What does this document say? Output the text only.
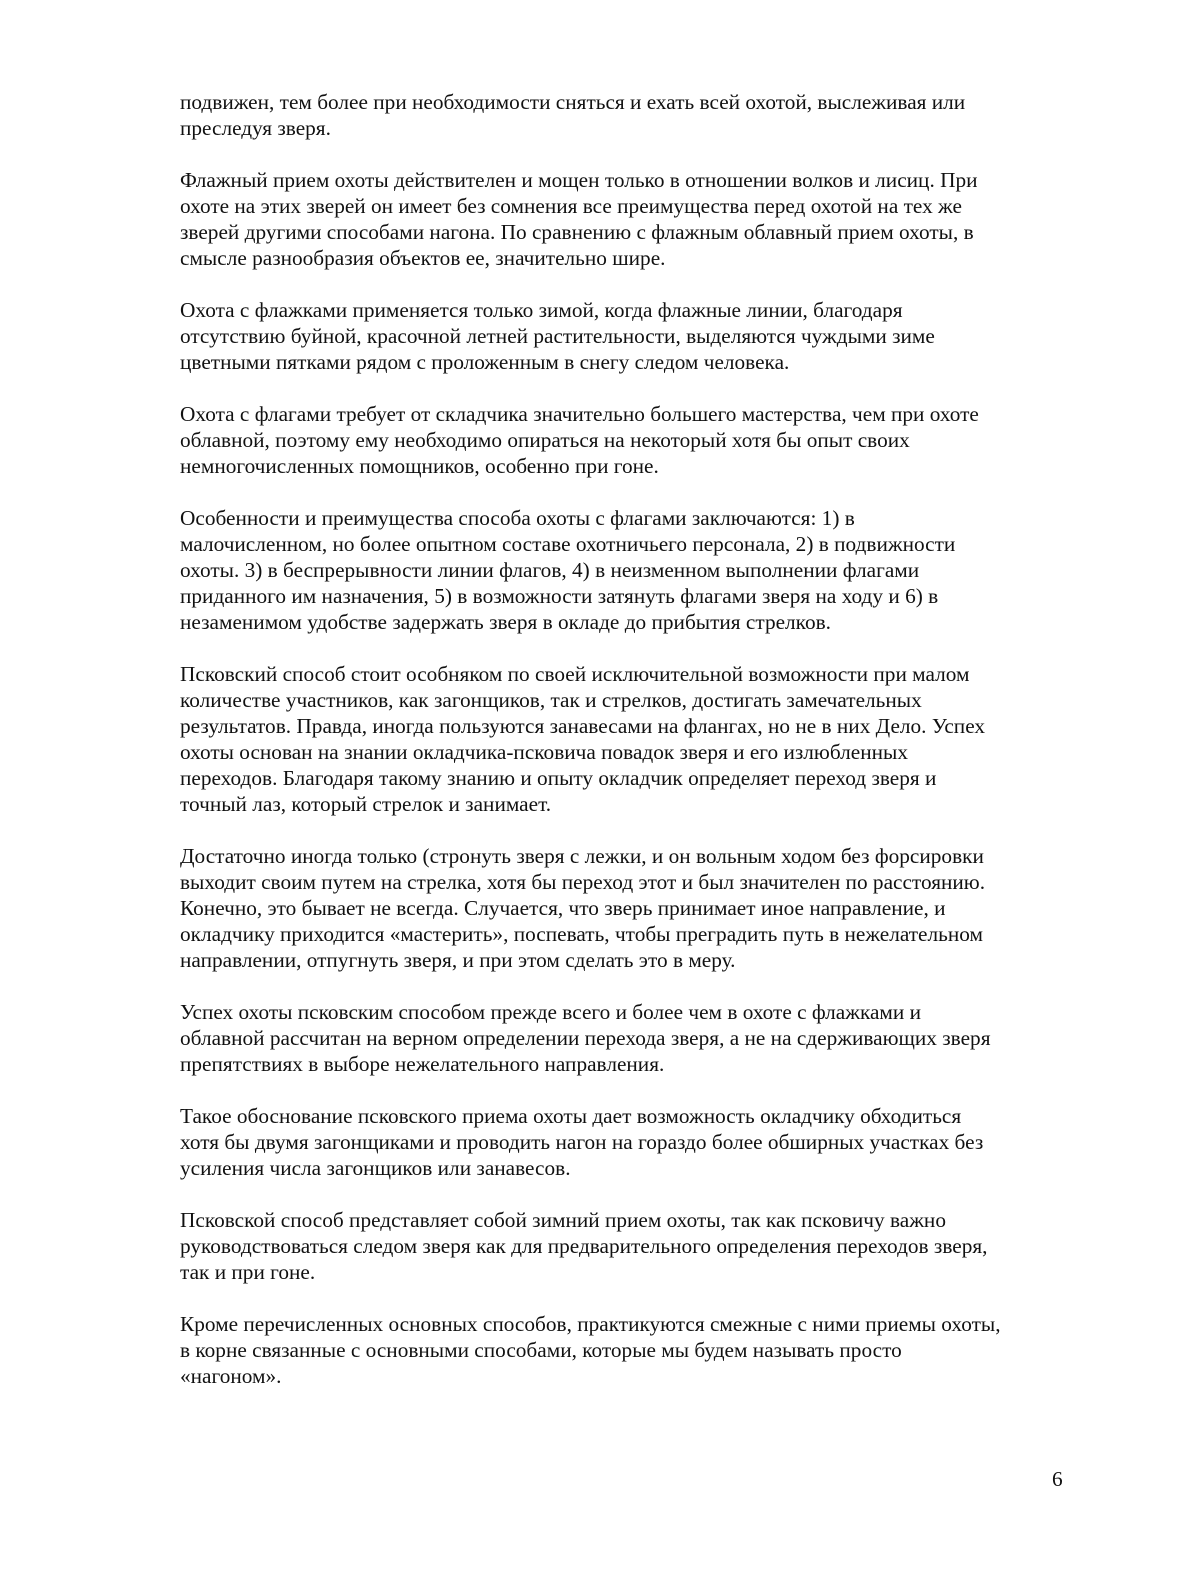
подвижен, тем более при необходимости сняться и ехать всей охотой, выслеживая или
преследуя зверя.
Флажный прием охоты действителен и мощен только в отношении волков и лисиц. При
охоте на этих зверей он имеет без сомнения все преимущества перед охотой на тех же
зверей другими способами нагона. По сравнению с флажным облавный прием охоты, в
смысле разнообразия объектов ее, значительно шире.
Охота с флажками применяется только зимой, когда флажные линии, благодаря
отсутствию буйной, красочной летней растительности, выделяются чуждыми зиме
цветными пятками рядом с проложенным в снегу следом человека.
Охота с флагами требует от складчика значительно большего мастерства, чем при охоте
облавной, поэтому ему необходимо опираться на некоторый хотя бы опыт своих
немногочисленных помощников, особенно при гоне.
Особенности и преимущества способа охоты с флагами заключаются: 1) в
малочисленном, но более опытном составе охотничьего персонала, 2) в подвижности
охоты. 3) в беспрерывности линии флагов, 4) в неизменном выполнении флагами
приданного им назначения, 5) в возможности затянуть флагами зверя на ходу и 6) в
незаменимом удобстве задержать зверя в окладе до прибытия стрелков.
Псковский способ стоит особняком по своей исключительной возможности при малом
количестве участников, как загонщиков, так и стрелков, достигать замечательных
результатов. Правда, иногда пользуются занавесами на флангах, но не в них Дело. Успех
охоты основан на знании окладчика-псковича повадок зверя и его излюбленных
переходов. Благодаря такому знанию и опыту окладчик определяет переход зверя и
точный лаз, который стрелок и занимает.
Достаточно иногда только (стронуть зверя с лежки, и он вольным ходом без форсировки
выходит своим путем на стрелка, хотя бы переход этот и был значителен по расстоянию.
Конечно, это бывает не всегда. Случается, что зверь принимает иное направление, и
окладчику приходится «мастерить», поспевать, чтобы преградить путь в нежелательном
направлении, отпугнуть зверя, и при этом сделать это в меру.
Успех охоты псковским способом прежде всего и более чем в охоте с флажками и
облавной рассчитан на верном определении перехода зверя, а не на сдерживающих зверя
препятствиях в выборе нежелательного направления.
Такое обоснование псковского приема охоты дает возможность окладчику обходиться
хотя бы двумя загонщиками и проводить нагон на гораздо более обширных участках без
усиления числа загонщиков или занавесов.
Псковской способ представляет собой зимний прием охоты, так как псковичу важно
руководствоваться следом зверя как для предварительного определения переходов зверя,
так и при гоне.
Кроме перечисленных основных способов, практикуются смежные с ними приемы охоты,
в корне связанные с основными способами, которые мы будем называть просто
«нагоном».
6
